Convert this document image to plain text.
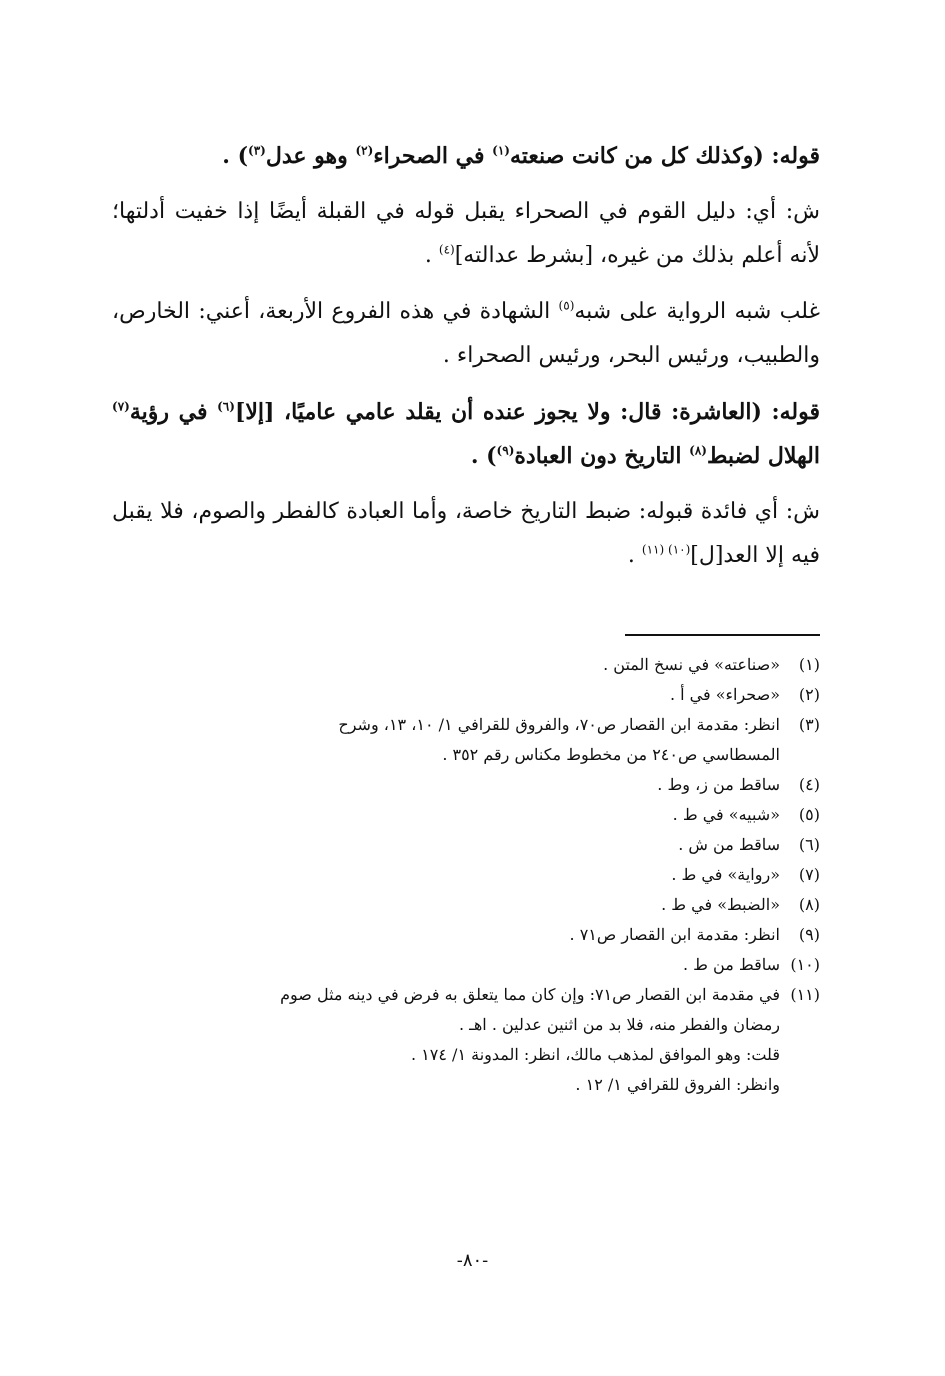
قوله: (وكذلك كل من كانت صنعته$^{(١)}$ في الصحراء$^{(٢)}$ وهو عدل$^{(٣)}$) .

ش: أي: دليل القوم في الصحراء يقبل قوله في القبلة أيضًا إذا خفيت أدلتها؛ لأنه أعلم بذلك من غيره، [بشرط عدالته]$^{(٤)}$ .

غلب شبه الرواية على شبه$^{(٥)}$ الشهادة في هذه الفروع الأربعة، أعني: الخارص، والطبيب، ورئيس البحر، ورئيس الصحراء .

قوله: (العاشرة: قال: ولا يجوز عنده أن يقلد عامي عاميًا، [إلا]$^{(٦)}$ في رؤية$^{(٧)}$ الهلال لضبط$^{(٨)}$ التاريخ دون العبادة$^{(٩)}$) .

ش: أي فائدة قبوله: ضبط التاريخ خاصة، وأما العبادة كالفطر والصوم، فلا يقبل فيه إلا العد[ل]$^{(١٠)}$ $^{(١١)}$ .

(١)
«صناعته» في نسخ المتن .
(٢)
«صحراء» في أ .
(٣)
انظر: مقدمة ابن القصار ص٧٠، والفروق للقرافي ١/ ١٠، ١٣، وشرح
المسطاسي ص٢٤٠ من مخطوط مكناس رقم ٣٥٢ .
(٤)
ساقط من ز، وط .
(٥)
«شبيه» في ط .
(٦)
ساقط من ش .
(٧)
«رواية» في ط .
(٨)
«الضبط» في ط .
(٩)
انظر: مقدمة ابن القصار ص٧١ .
(١٠)
ساقط من ط .
(١١)
في مقدمة ابن القصار ص٧١: وإن كان مما يتعلق به فرض في دينه مثل صوم
رمضان والفطر منه، فلا بد من اثنين عدلين . اهـ .
قلت: وهو الموافق لمذهب مالك، انظر: المدونة ١/ ١٧٤ .
وانظر: الفروق للقرافي ١/ ١٢ .
-٨٠-
